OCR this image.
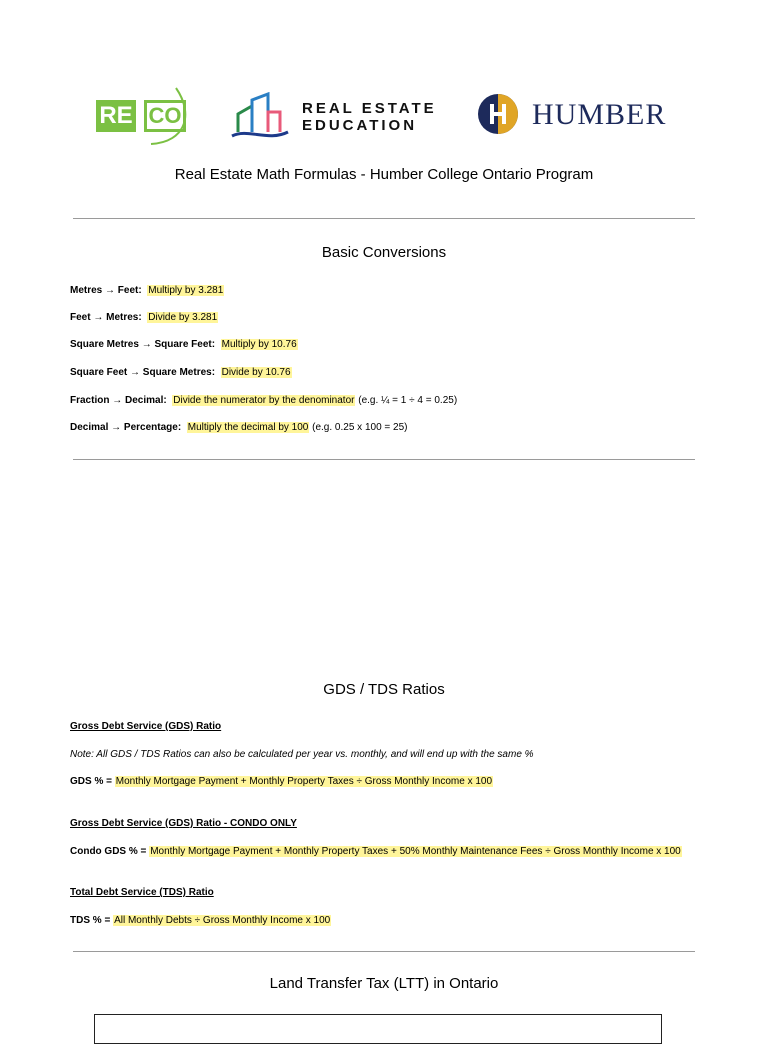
RE CO	REAL ESTATE
EDUCATION	HUMBER
Real Estate Math Formulas - Humber College Ontario Program
Basic Conversions
Metres → Feet: Multiply by 3.281
Feet → Metres: Divide by 3.281
Square Metres → Square Feet: Multiply by 10.76
Square Feet → Square Metres: Divide by 10.76
Fraction → Decimal: Divide the numerator by the denominator (e.g. ¼ = 1 ÷ 4 = 0.25)
Decimal → Percentage: Multiply the decimal by 100 (e.g. 0.25 x 100 = 25)
GDS / TDS Ratios
Gross Debt Service (GDS) Ratio
Note: All GDS / TDS Ratios can also be calculated per year vs. monthly, and will end up with the same %
GDS % = Monthly Mortgage Payment + Monthly Property Taxes ÷ Gross Monthly Income x 100
Gross Debt Service (GDS) Ratio - CONDO ONLY
Condo GDS % = Monthly Mortgage Payment + Monthly Property Taxes + 50% Monthly Maintenance Fees ÷ Gross Monthly Income x 100
Total Debt Service (TDS) Ratio
TDS % = All Monthly Debts ÷ Gross Monthly Income x 100
Land Transfer Tax (LTT) in Ontario
